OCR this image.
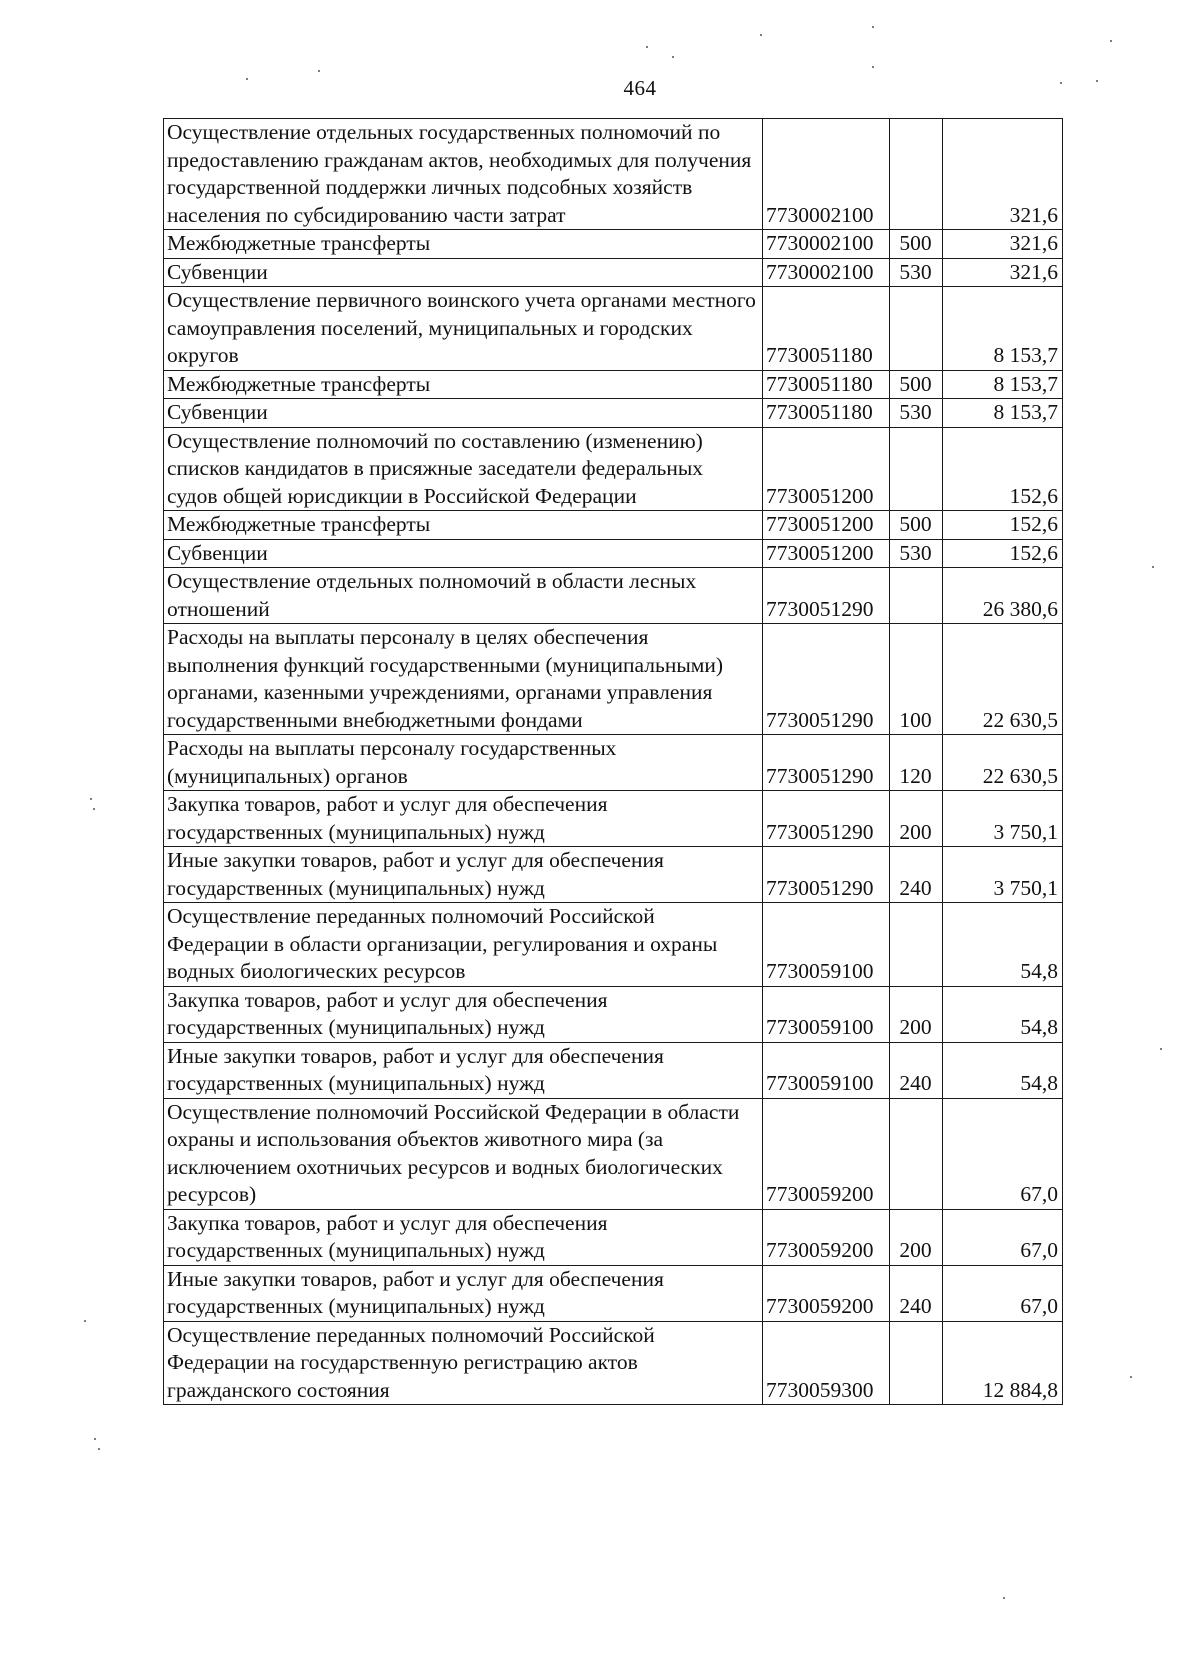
464
Осуществление отдельных государственных полномочий по предоставлению гражданам актов, необходимых для получения государственной поддержки личных подсобных хозяйств населения по субсидированию части затрат	7730002100		321,6
Межбюджетные трансферты	7730002100	500	321,6
Субвенции	7730002100	530	321,6
Осуществление первичного воинского учета органами местного самоуправления поселений, муниципальных и городских округов	7730051180		8 153,7
Межбюджетные трансферты	7730051180	500	8 153,7
Субвенции	7730051180	530	8 153,7
Осуществление полномочий по составлению (изменению) списков кандидатов в присяжные заседатели федеральных судов общей юрисдикции в Российской Федерации	7730051200		152,6
Межбюджетные трансферты	7730051200	500	152,6
Субвенции	7730051200	530	152,6
Осуществление отдельных полномочий в области лесных отношений	7730051290		26 380,6
Расходы на выплаты персоналу в целях обеспечения выполнения функций государственными (муниципальными) органами, казенными учреждениями, органами управления государственными внебюджетными фондами	7730051290	100	22 630,5
Расходы на выплаты персоналу государственных (муниципальных) органов	7730051290	120	22 630,5
Закупка товаров, работ и услуг для обеспечения государственных (муниципальных) нужд	7730051290	200	3 750,1
Иные закупки товаров, работ и услуг для обеспечения государственных (муниципальных) нужд	7730051290	240	3 750,1
Осуществление переданных полномочий Российской Федерации в области организации, регулирования и охраны водных биологических ресурсов	7730059100		54,8
Закупка товаров, работ и услуг для обеспечения государственных (муниципальных) нужд	7730059100	200	54,8
Иные закупки товаров, работ и услуг для обеспечения государственных (муниципальных) нужд	7730059100	240	54,8
Осуществление полномочий Российской Федерации в области охраны и использования объектов животного мира (за исключением охотничьих ресурсов и водных биологических ресурсов)	7730059200		67,0
Закупка товаров, работ и услуг для обеспечения государственных (муниципальных) нужд	7730059200	200	67,0
Иные закупки товаров, работ и услуг для обеспечения государственных (муниципальных) нужд	7730059200	240	67,0
Осуществление переданных полномочий Российской Федерации на государственную регистрацию актов гражданского состояния	7730059300		12 884,8
